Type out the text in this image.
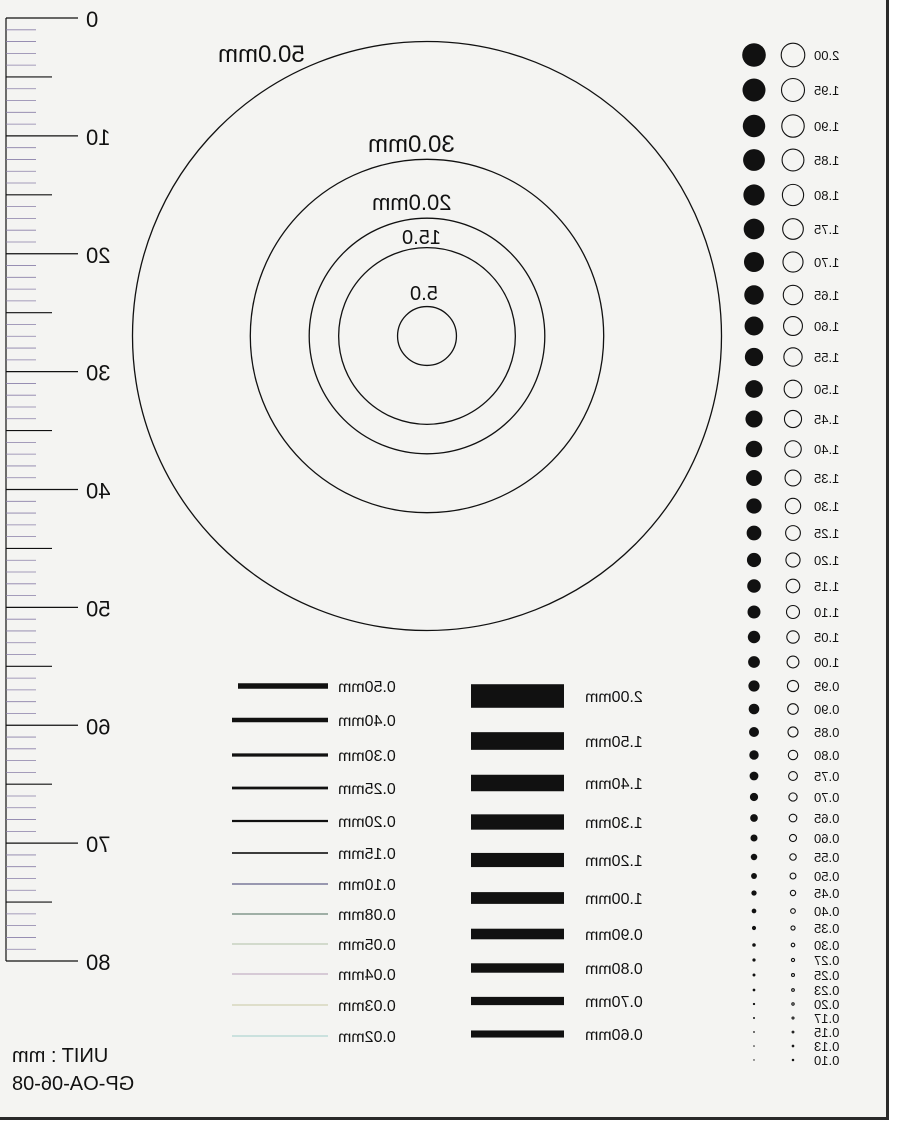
0
10
20
30
40
50
60
70
80
50.0mm
30.0mm
20.0mm
15.0
5.0
0.50mm
0.40mm
0.30mm
0.25mm
0.20mm
0.15mm
0.10mm
0.08mm
0.05mm
0.04mm
0.03mm
0.02mm
2.00mm
1.50mm
1.40mm
1.30mm
1.20mm
1.00mm
0.90mm
0.80mm
0.70mm
0.60mm
2.00
1.95
1.90
1.85
1.80
1.75
1.70
1.65
1.60
1.55
1.50
1.45
1.40
1.35
1.30
1.25
1.20
1.15
1.10
1.05
1.00
0.95
0.90
0.85
0.80
0.75
0.70
0.65
0.60
0.55
0.50
0.45
0.40
0.35
0.30
0.27
0.25
0.23
0.20
0.17
0.15
0.13
0.10
UNIT : mm
GP-OA-06-08
